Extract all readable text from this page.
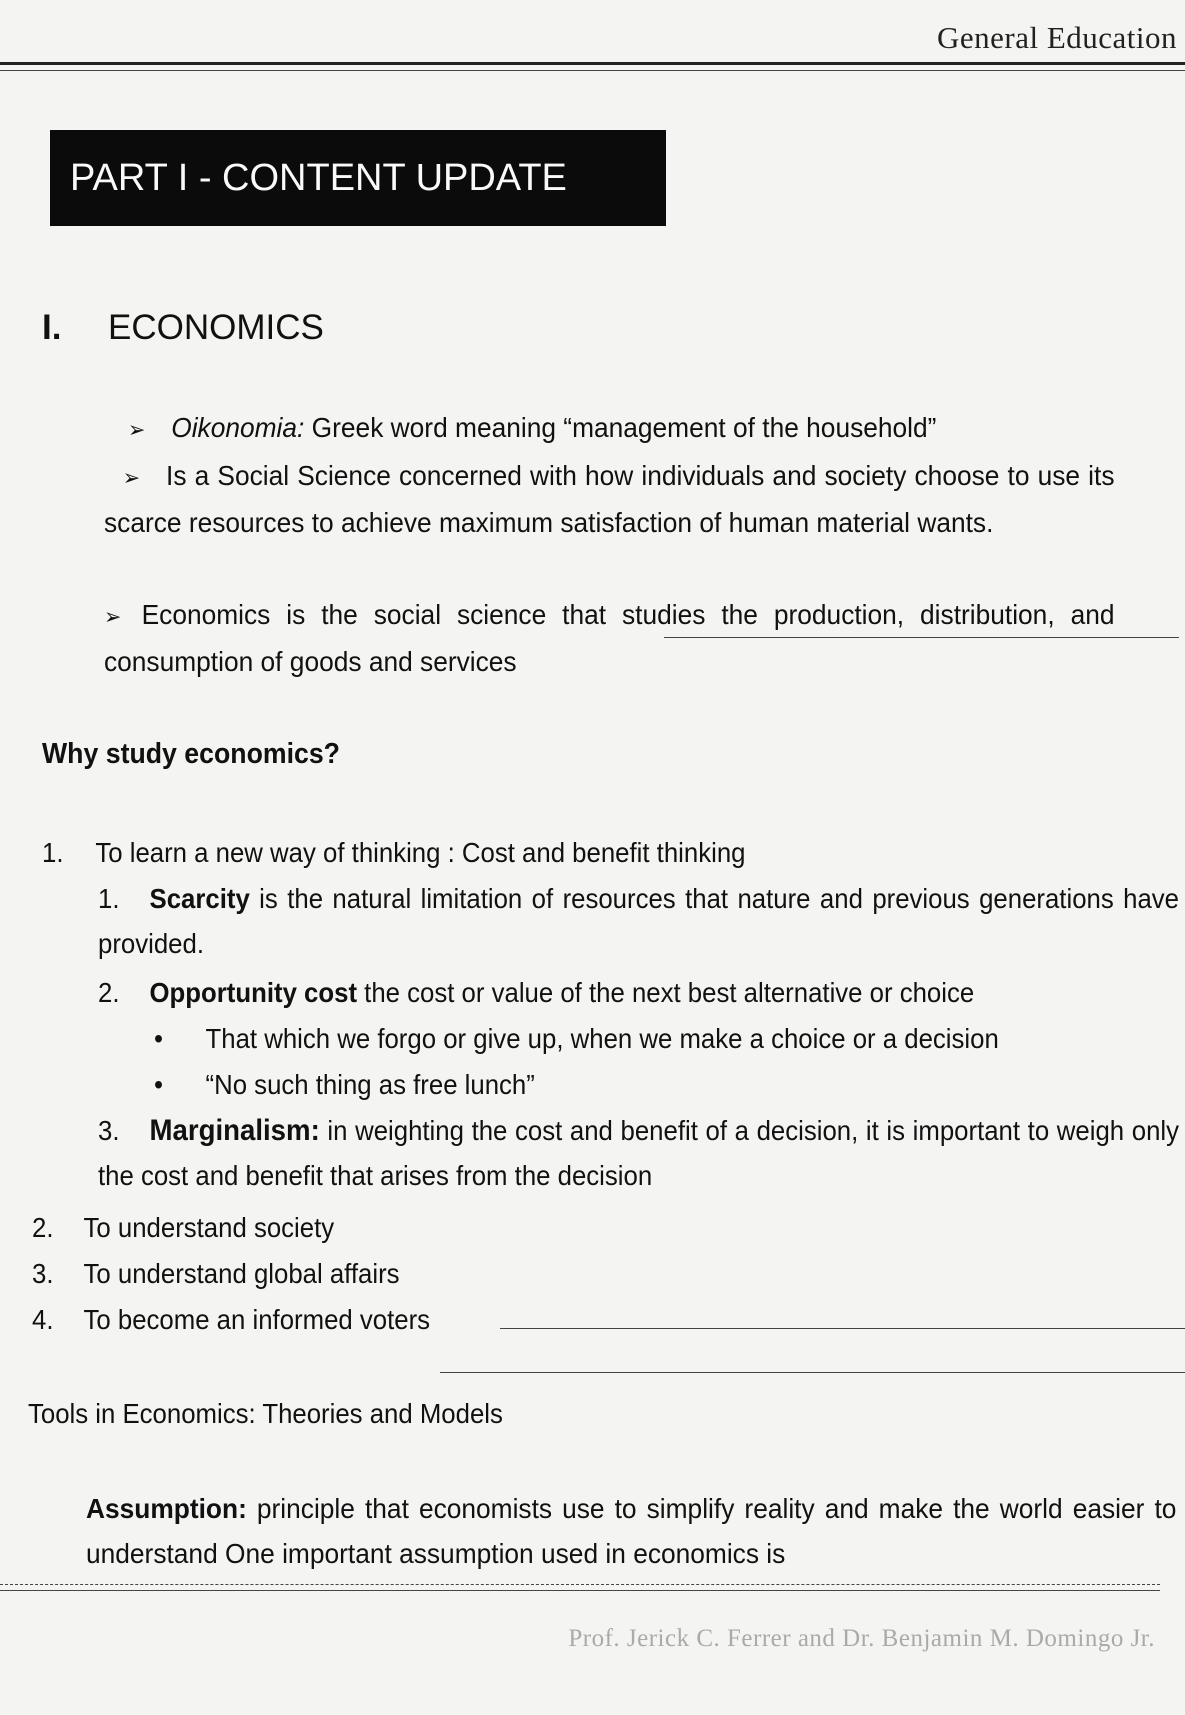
General Education
PART I - CONTENT UPDATE
I. ECONOMICS
➢ Oikonomia: Greek word meaning “management of the household”
➢ Is a Social Science concerned with how individuals and society choose to use its scarce resources to achieve maximum satisfaction of human material wants.
➢ Economics is the social science that studies the production, distribution, and consumption of goods and services
Why study economics?
1. To learn a new way of thinking : Cost and benefit thinking
1. Scarcity is the natural limitation of resources that nature and previous generations have provided.
2. Opportunity cost the cost or value of the next best alternative or choice
• That which we forgo or give up, when we make a choice or a decision
• “No such thing as free lunch”
3. Marginalism: in weighting the cost and benefit of a decision, it is important to weigh only the cost and benefit that arises from the decision
2. To understand society
3. To understand global affairs
4. To become an informed voters
Tools in Economics: Theories and Models
Assumption: principle that economists use to simplify reality and make the world easier to understand One important assumption used in economics is
Prof. Jerick C. Ferrer and Dr. Benjamin M. Domingo Jr.
